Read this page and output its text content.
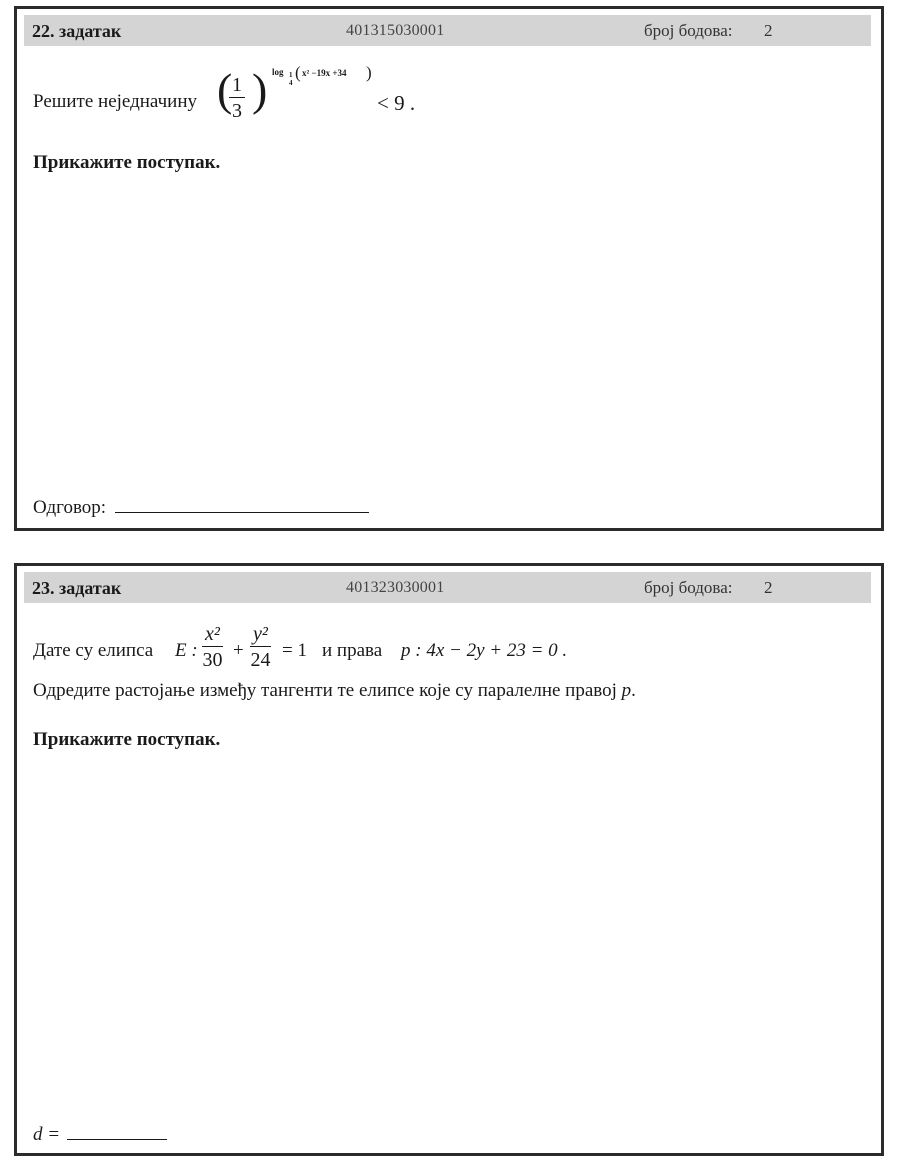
22. задатак	401315030001	број бодова: 2
Решите неједначину (
$\frac{1}{3}$ ) log 1
4
( x² −19x +34 )
< 9 .
Прикажите поступак.
Одговор:
23. задатак	401323030001	број бодова: 2
Дате су елипса E : $\frac{\text{x²}}{30} + \frac{\text{y²}}{24} = 1$ и права p : 4x − 2y + 23 = 0 .
Одредите растојање између тангенти те елипсе које су паралелне правој p.
Прикажите поступак.
d =
